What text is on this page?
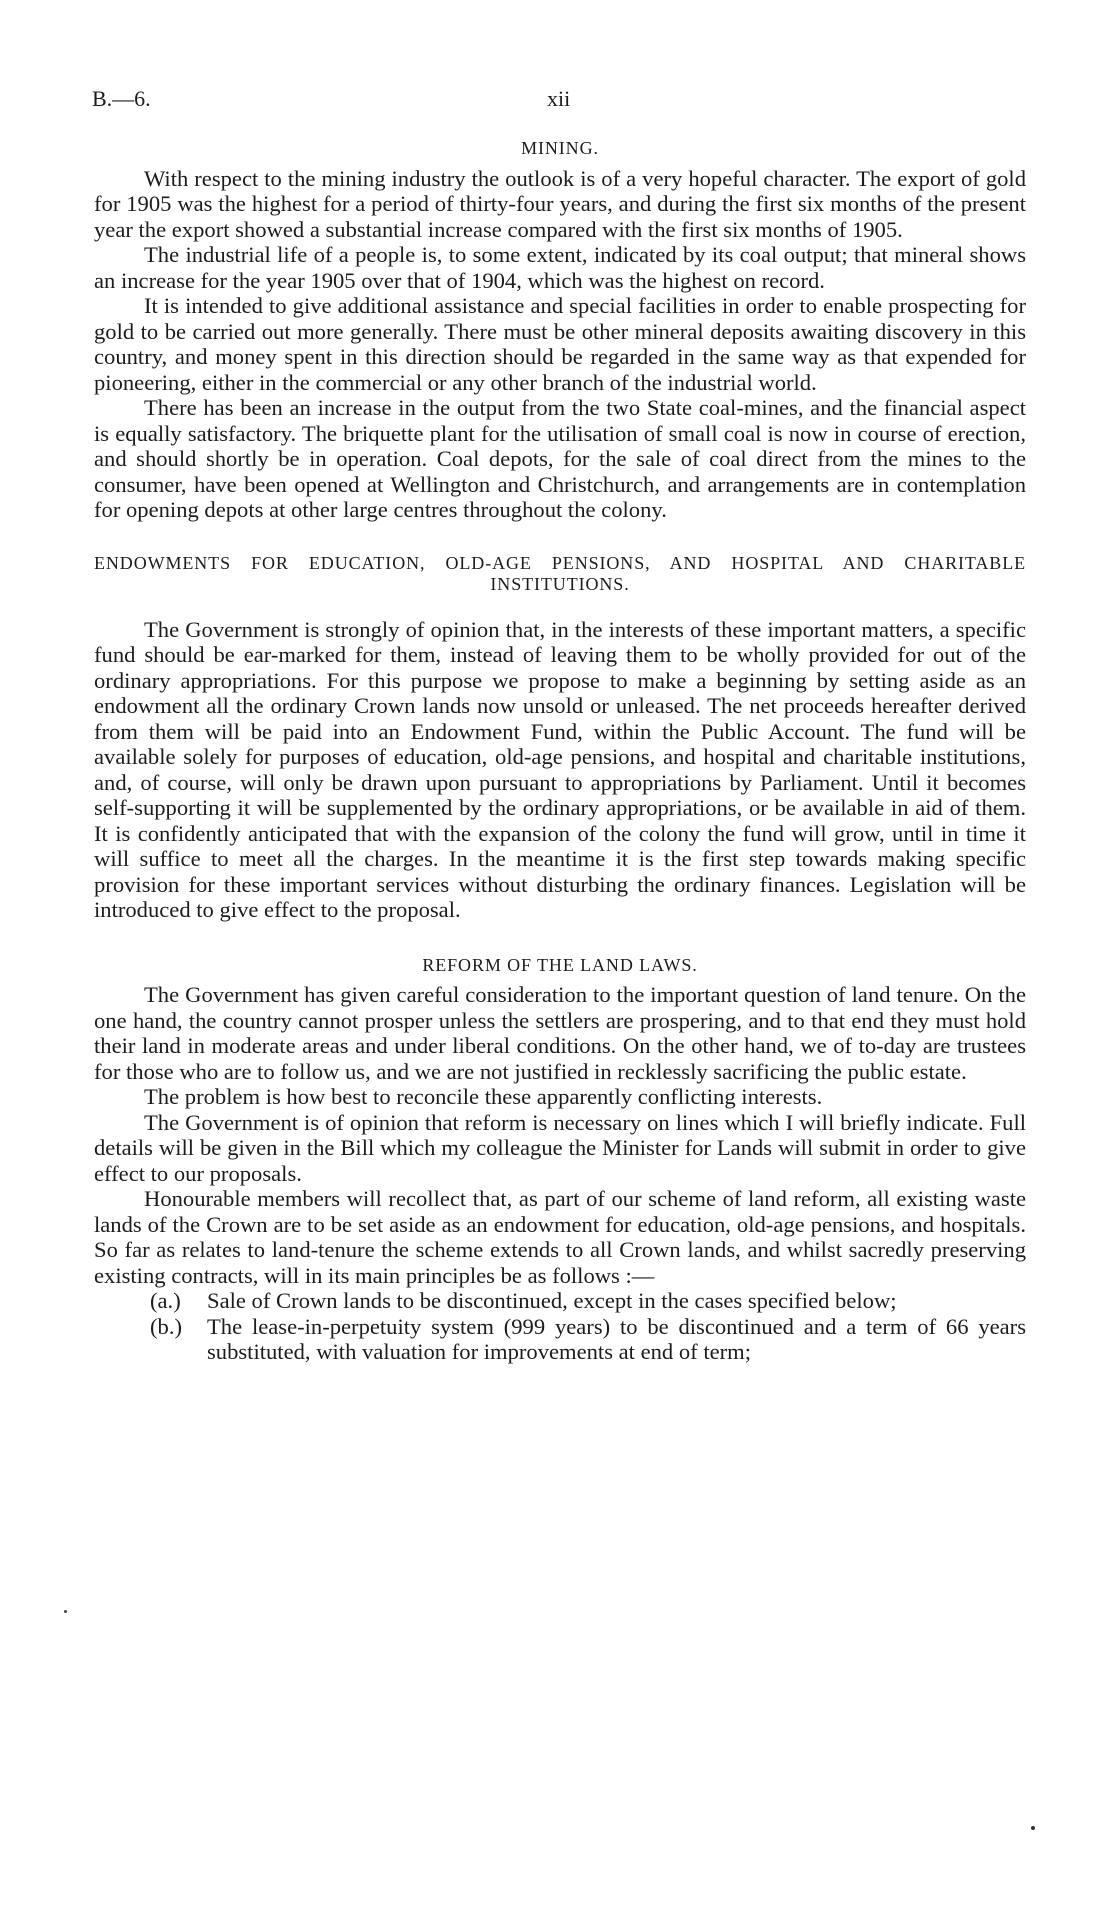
B.—6.	xii
MINING.

With respect to the mining industry the outlook is of a very hopeful character. The export of gold for 1905 was the highest for a period of thirty-four years, and during the first six months of the present year the export showed a substantial increase compared with the first six months of 1905.

The industrial life of a people is, to some extent, indicated by its coal output; that mineral shows an increase for the year 1905 over that of 1904, which was the highest on record.

It is intended to give additional assistance and special facilities in order to enable prospecting for gold to be carried out more generally. There must be other mineral deposits awaiting discovery in this country, and money spent in this direction should be regarded in the same way as that expended for pioneering, either in the commercial or any other branch of the industrial world.

There has been an increase in the output from the two State coal-mines, and the financial aspect is equally satisfactory. The briquette plant for the utilisation of small coal is now in course of erection, and should shortly be in operation. Coal depots, for the sale of coal direct from the mines to the consumer, have been opened at Wellington and Christchurch, and arrangements are in contemplation for opening depots at other large centres throughout the colony.

ENDOWMENTS FOR EDUCATION, OLD-AGE PENSIONS, AND HOSPITAL AND CHARITABLE INSTITUTIONS.

The Government is strongly of opinion that, in the interests of these important matters, a specific fund should be ear-marked for them, instead of leaving them to be wholly provided for out of the ordinary appropriations. For this purpose we propose to make a beginning by setting aside as an endowment all the ordinary Crown lands now unsold or unleased. The net proceeds hereafter derived from them will be paid into an Endowment Fund, within the Public Account. The fund will be available solely for purposes of education, old-age pensions, and hospital and charitable institutions, and, of course, will only be drawn upon pursuant to appropriations by Parliament. Until it becomes self-supporting it will be supplemented by the ordinary appropriations, or be available in aid of them. It is confidently anticipated that with the expansion of the colony the fund will grow, until in time it will suffice to meet all the charges. In the meantime it is the first step towards making specific provision for these important services without disturbing the ordinary finances. Legislation will be introduced to give effect to the proposal.

REFORM OF THE LAND LAWS.

The Government has given careful consideration to the important question of land tenure. On the one hand, the country cannot prosper unless the settlers are prospering, and to that end they must hold their land in moderate areas and under liberal conditions. On the other hand, we of to-day are trustees for those who are to follow us, and we are not justified in recklessly sacrificing the public estate.

The problem is how best to reconcile these apparently conflicting interests.

The Government is of opinion that reform is necessary on lines which I will briefly indicate. Full details will be given in the Bill which my colleague the Minister for Lands will submit in order to give effect to our proposals.

Honourable members will recollect that, as part of our scheme of land reform, all existing waste lands of the Crown are to be set aside as an endowment for education, old-age pensions, and hospitals. So far as relates to land-tenure the scheme extends to all Crown lands, and whilst sacredly preserving existing contracts, will in its main principles be as follows :—

(a.) Sale of Crown lands to be discontinued, except in the cases specified below;
(b.) The lease-in-perpetuity system (999 years) to be discontinued and a term of 66 years substituted, with valuation for improvements at end of term;
